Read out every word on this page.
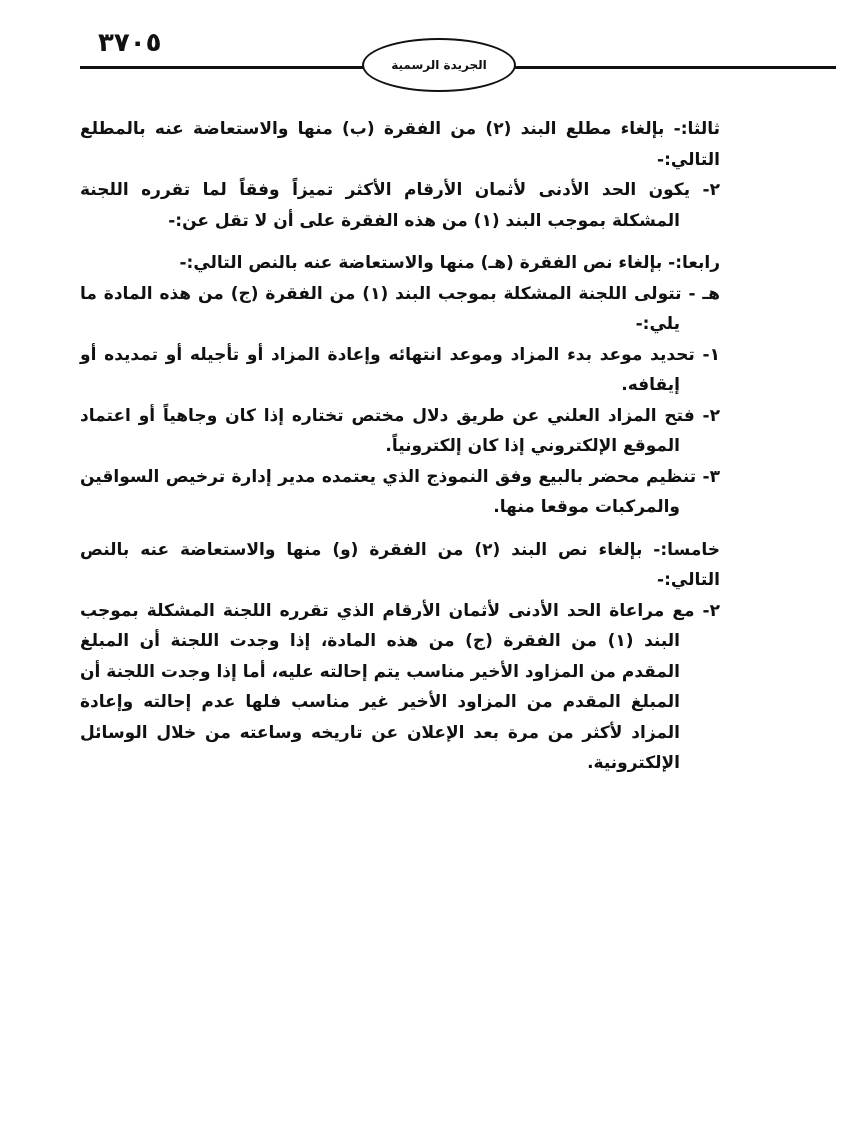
الجريدة الرسمية
٣٧٠٥

ثالثا:- بإلغاء مطلع البند (٢) من الفقرة (ب) منها والاستعاضة عنه بالمطلع التالي:-

٢- يكون الحد الأدنى لأثمان الأرقام الأكثر تميزاً وفقاً لما تقرره اللجنة المشكلة بموجب البند (١) من هذه الفقرة على أن لا تقل عن:-

رابعا:- بإلغاء نص الفقرة (هـ) منها والاستعاضة عنه بالنص التالي:-

هـ - تتولى اللجنة المشكلة بموجب البند (١) من الفقرة (ج) من هذه المادة ما يلي:-

١- تحديد موعد بدء المزاد وموعد انتهائه وإعادة المزاد أو تأجيله أو تمديده أو إيقافه.

٢- فتح المزاد العلني عن طريق دلال مختص تختاره إذا كان وجاهياً أو اعتماد الموقع الإلكتروني إذا كان إلكترونياً.

٣- تنظيم محضر بالبيع وفق النموذج الذي يعتمده مدير إدارة ترخيص السواقين والمركبات موقعا منها.

خامسا:- بإلغاء نص البند (٢) من الفقرة (و) منها والاستعاضة عنه بالنص التالي:-

٢- مع مراعاة الحد الأدنى لأثمان الأرقام الذي تقرره اللجنة المشكلة بموجب البند (١) من الفقرة (ج) من هذه المادة، إذا وجدت اللجنة أن المبلغ المقدم من المزاود الأخير مناسب يتم إحالته عليه، أما إذا وجدت اللجنة أن المبلغ المقدم من المزاود الأخير غير مناسب فلها عدم إحالته وإعادة المزاد لأكثر من مرة بعد الإعلان عن تاريخه وساعته من خلال الوسائل الإلكترونية.
